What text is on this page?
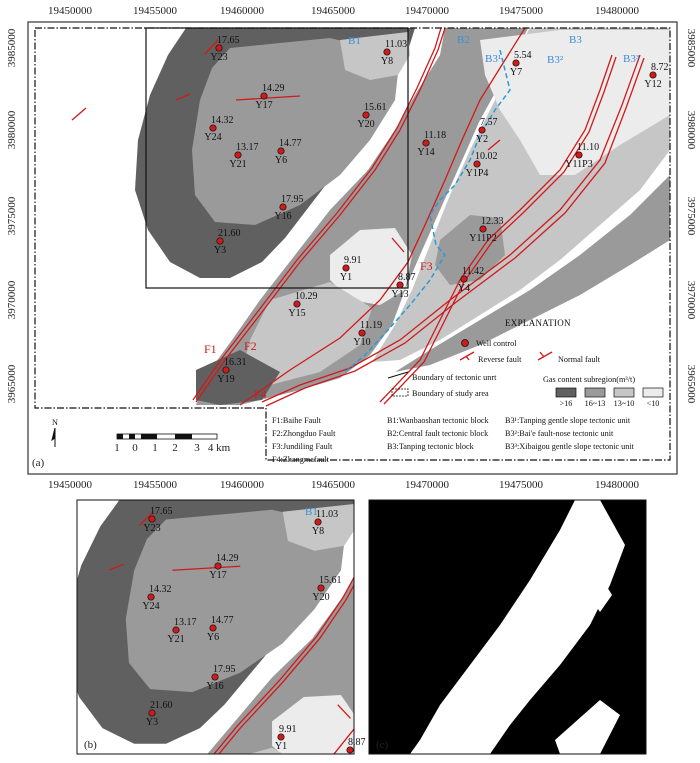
19450000	19455000	19460000	19465000	19470000	19475000	19480000
19450000	19455000	19460000	19465000	19470000	19475000	19480000
3985000
3980000
3975000
3970000
3965000
3985000
3980000
3975000
3970000
3965000
17.65
Y23
11.03
Y8
5.54
Y7	8.72
Y12
14.29
Y17
14.32
Y24
15.61
Y20
11.18
Y14
7.57
Y2
10.02
Y1P4
11.10
Y11P3
13.17
Y21
14.77
Y6
17.95
Y16	12.33
Y11P2
21.60
Y3
9.91
Y1	8.87
Y13
11.42
Y4
10.29
Y15
11.19
Y10
16.31
Y19
B1	B2
B3¹	B3²
B3
B3³
F1 F2
F3
F4
EXPLANATION
Well control
Reverse fault	Normal fault
Boundary of tectonic unrt
Boundary of study area
Gas content subregion(m³/t)
>16 16~13 13~10 <10
F1:Baihe Fault
F2:Zhongduo Fault
F3:Jundiling Fault
F4:Zhangmafault
B1:Wanbaoshan tectonic block
B2:Central fault tectonic block
B3:Tanping tectonic block
B3¹:Tanping gentle slope tectonic unit
B3²:Bai'e fault-nose tectonic unit
B3³:Xibaigou gentle slope tectonic unit
N
1 0 1 2 3 4 km
(a)
17.65
Y23
11.03
Y8
14.29
Y17
14.32
Y24
15.61
Y20
13.17
Y21
14.77
Y6
17.95
Y16
21.60
Y3
9.91
Y1	8.87
B1
(b)	(c)
